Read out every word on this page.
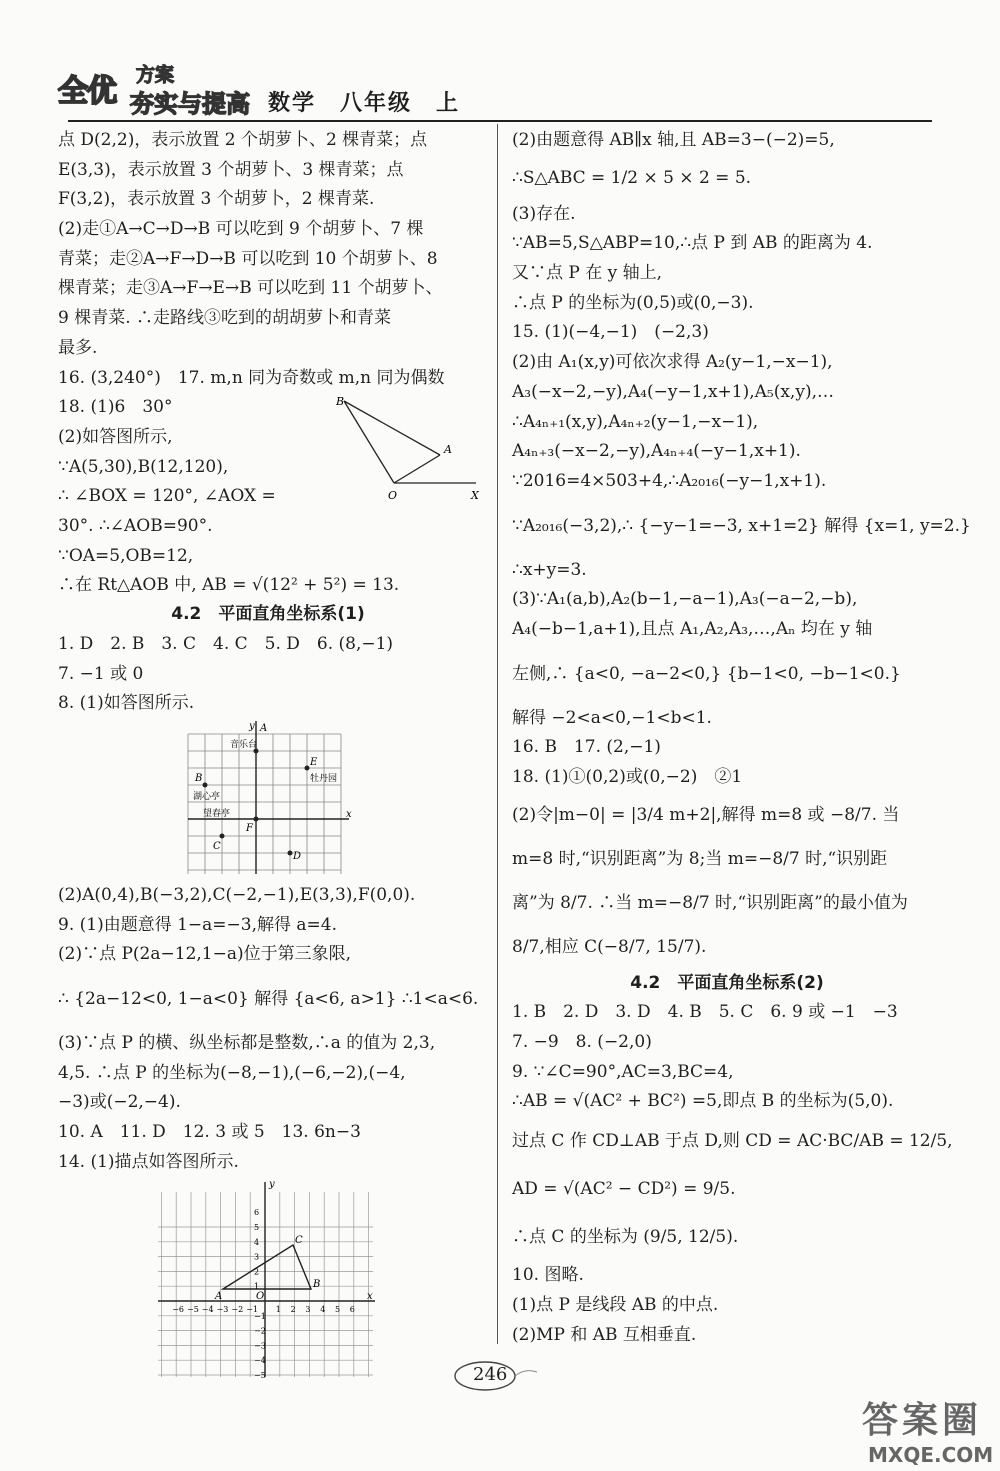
全优 方案
夯实与提高 数学　八年级　上
点 D(2,2)，表示放置 2 个胡萝卜、2 棵青菜；点
E(3,3)，表示放置 3 个胡萝卜、3 棵青菜；点
F(3,2)，表示放置 3 个胡萝卜，2 棵青菜.
(2)走①A→C→D→B 可以吃到 9 个胡萝卜、7 棵
青菜；走②A→F→D→B 可以吃到 10 个胡萝卜、8
棵青菜；走③A→F→E→B 可以吃到 11 个胡萝卜、
9 棵青菜. ∴走路线③吃到的胡胡萝卜和青菜
最多.
16. (3,240°)　17. m,n 同为奇数或 m,n 同为偶数
18. (1)6　30°
(2)如答图所示,
∵A(5,30),B(12,120),
∴ ∠BOX = 120°, ∠AOX =
30°. ∴∠AOB=90°.
∵OA=5,OB=12,
∴在 Rt△AOB 中, AB = √(12² + 5²) = 13.
B
A
O	X
4.2　平面直角坐标系(1)
1. D　2. B　3. C　4. C　5. D　6. (8,−1)
7. −1 或 0
8. (1)如答图所示.
y A
x
音乐台
E
牡丹园
B
湖心亭
望春亭
F
C
D
(2)A(0,4),B(−3,2),C(−2,−1),E(3,3),F(0,0).
9. (1)由题意得 1−a=−3,解得 a=4.
(2)∵点 P(2a−12,1−a)位于第三象限,
∴ {2a−12<0, 1−a<0} 解得 {a<6, a>1} ∴1<a<6.
(3)∵点 P 的横、纵坐标都是整数,∴a 的值为 2,3,
4,5. ∴点 P 的坐标为(−8,−1),(−6,−2),(−4,
−3)或(−2,−4).
10. A　11. D　12. 3 或 5　13. 6n−3
14. (1)描点如答图所示.
y
x
O
A
B
C
−6 −5 −4 −3 −2 −1 1 2 3 4 5 6
6
5
4
3
2
1
−1
−2
−3
−4
−5
(2)由题意得 AB∥x 轴,且 AB=3−(−2)=5,
∴S△ABC = 1/2 × 5 × 2 = 5.
(3)存在.
∵AB=5,S△ABP=10,∴点 P 到 AB 的距离为 4.
又∵点 P 在 y 轴上,
∴点 P 的坐标为(0,5)或(0,−3).
15. (1)(−4,−1)　(−2,3)
(2)由 A₁(x,y)可依次求得 A₂(y−1,−x−1),
A₃(−x−2,−y),A₄(−y−1,x+1),A₅(x,y),…
∴A₄ₙ₊₁(x,y),A₄ₙ₊₂(y−1,−x−1),
A₄ₙ₊₃(−x−2,−y),A₄ₙ₊₄(−y−1,x+1).
∵2016=4×503+4,∴A₂₀₁₆(−y−1,x+1).
∵A₂₀₁₆(−3,2),∴ {−y−1=−3, x+1=2} 解得 {x=1, y=2.}
∴x+y=3.
(3)∵A₁(a,b),A₂(b−1,−a−1),A₃(−a−2,−b),
A₄(−b−1,a+1),且点 A₁,A₂,A₃,…,Aₙ 均在 y 轴
左侧,∴ {a<0, −a−2<0,} {b−1<0, −b−1<0.}
解得 −2<a<0,−1<b<1.
16. B　17. (2,−1)
18. (1)①(0,2)或(0,−2)　②1
(2)令|m−0| = |3/4 m+2|,解得 m=8 或 −8/7. 当
m=8 时,“识别距离”为 8;当 m=−8/7 时,“识别距
离”为 8/7. ∴当 m=−8/7 时,“识别距离”的最小值为
8/7,相应 C(−8/7, 15/7).
4.2　平面直角坐标系(2)
1. B　2. D　3. D　4. B　5. C　6. 9 或 −1　−3
7. −9　8. (−2,0)
9. ∵∠C=90°,AC=3,BC=4,
∴AB = √(AC² + BC²) =5,即点 B 的坐标为(5,0).
过点 C 作 CD⊥AB 于点 D,则 CD = AC·BC/AB = 12/5,
AD = √(AC² − CD²) = 9/5.
∴点 C 的坐标为 (9/5, 12/5).
10. 图略.
(1)点 P 是线段 AB 的中点.
(2)MP 和 AB 互相垂直.
246
答案圈
MXQE.COM
